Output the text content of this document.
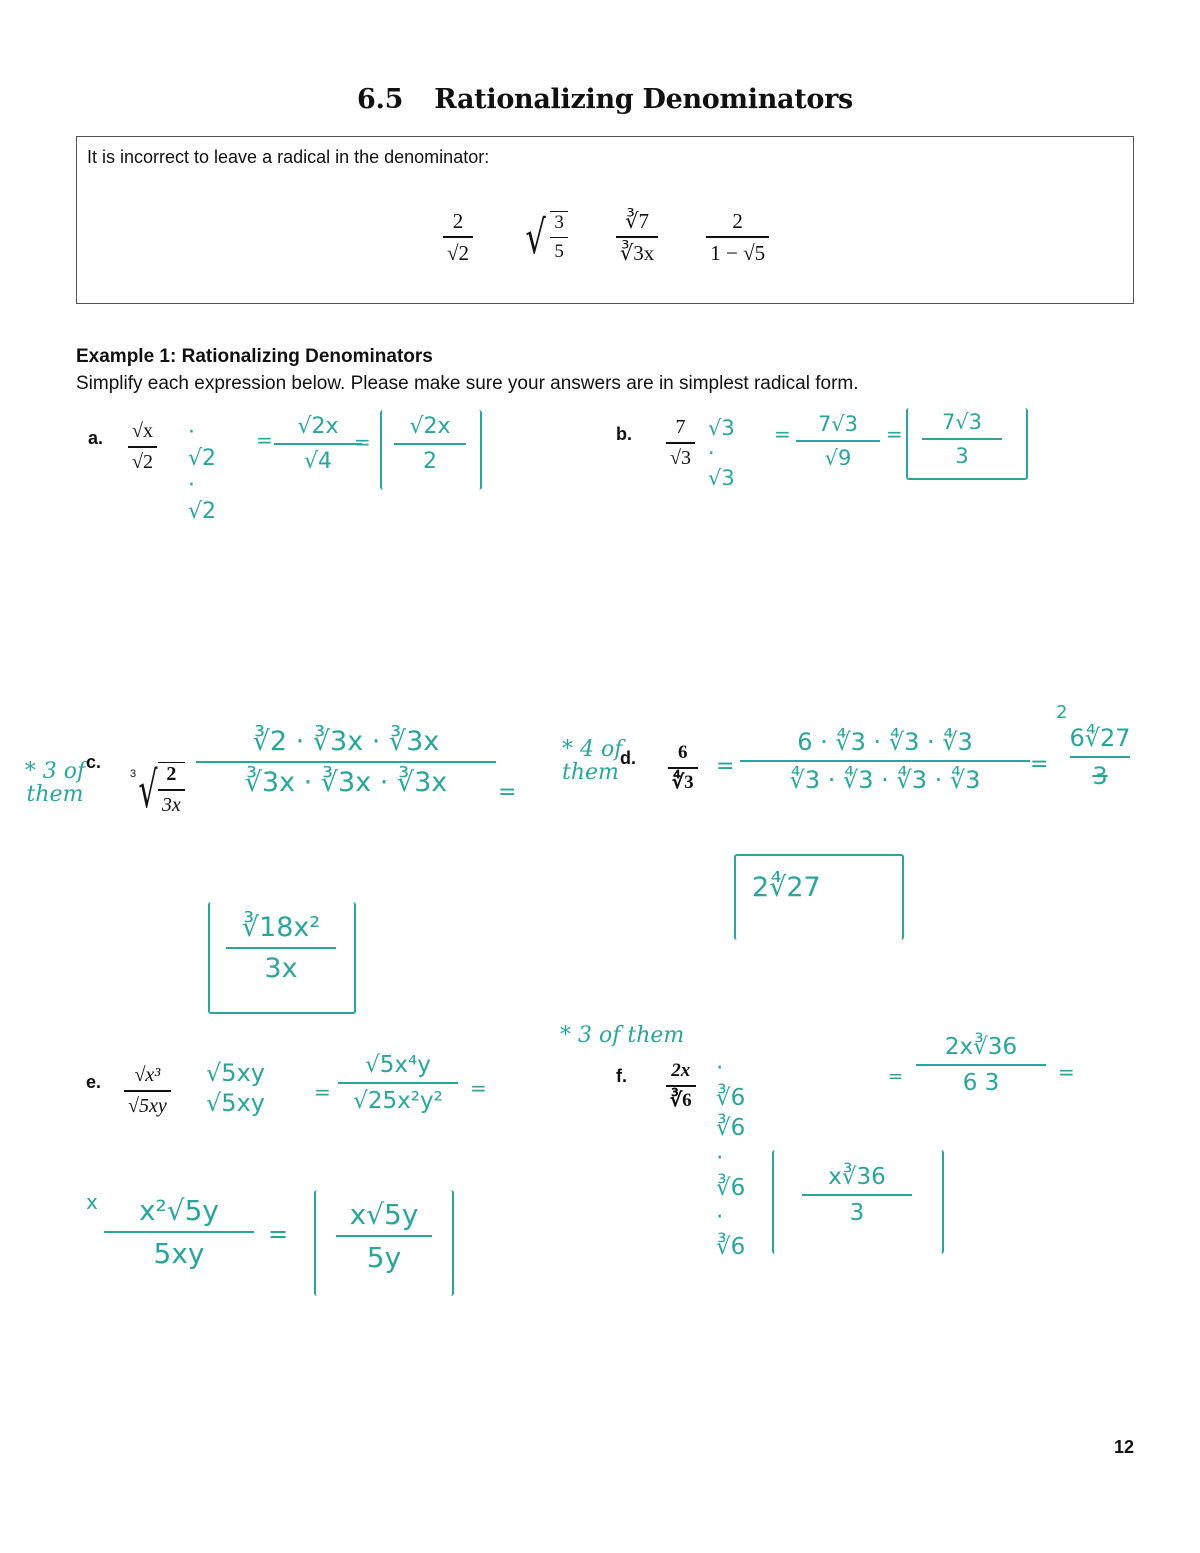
6.5 Rationalizing Denominators
It is incorrect to leave a radical in the denominator:
$\frac{2}{√2}$ √ $\frac{3}{5} \frac{∛7}{∛3x} \frac{2}{1 - √5}$
Example 1: Rationalizing Denominators
Simplify each expression below. Please make sure your answers are in simplest radical form.
a. √x
√2
· √2
· √2
=
√2x
√4
= $\frac{√2x}{2}$	b. 7
√3
√3
· √3
= 7√3
√9
= $\frac{7√3}{3}$
* 3 of them
c.
3 √ $\frac{2}{3x}$
∛2 · ∛3x · ∛3x
∛3x · ∛3x · ∛3x =
$\frac{\text{∛18x²}}{3x}$
* 4 of them
d. 6
∜3
=
6 · ∜3 · ∜3 · ∜3
∜3 · ∜3 · ∜3 · ∜3
=
2
6∜27
3
2∜27
e. √x³
√5xy
√5xy
√5xy =
√5x⁴y
√25x²y² =
x x²√5y
5xy
= $\frac{x√5y}{5y}$
* 3 of them
f. 2x
∛6
· ∛6 ∛6
· ∛6 · ∛6
=
2x∛36
6 3	=
$\frac{x∛36}{3}$
12
